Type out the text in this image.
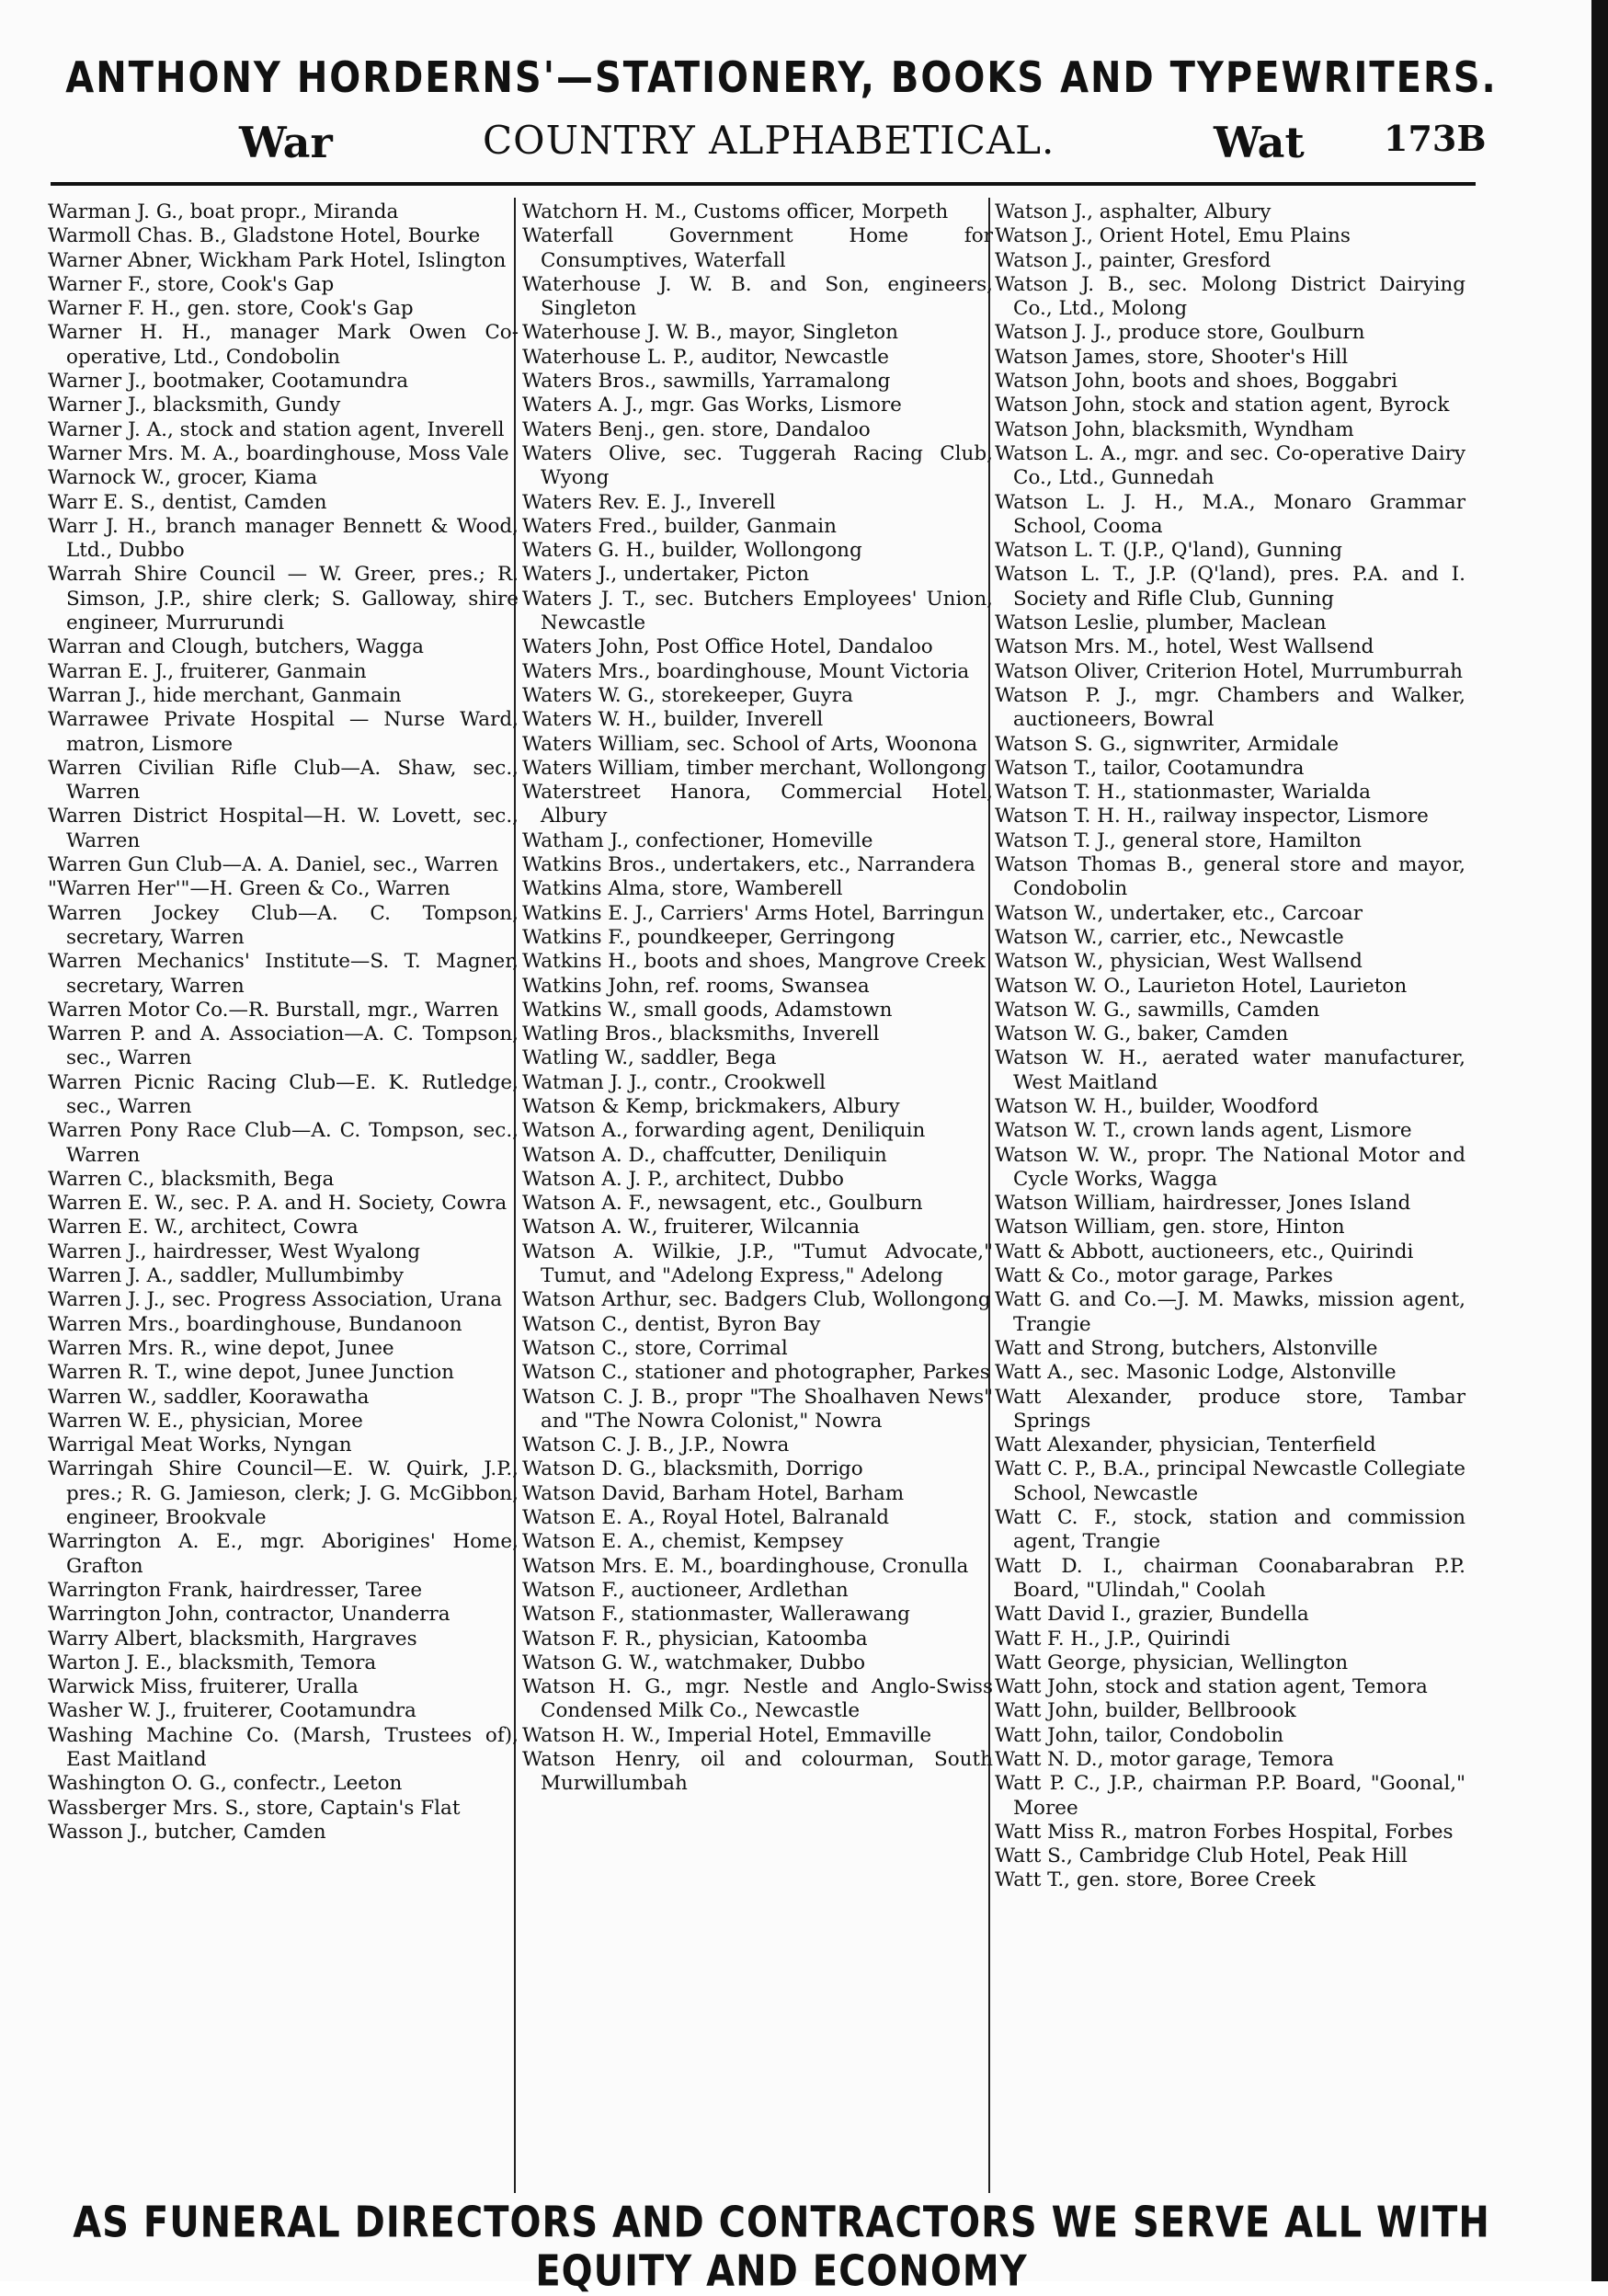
ANTHONY HORDERNS'—STATIONERY, BOOKS AND TYPEWRITERS.
War	COUNTRY ALPHABETICAL.	Wat 173B

Warman J. G., boat propr., Miranda

Warmoll Chas. B., Gladstone Hotel, Bourke

Warner Abner, Wickham Park Hotel, Islington

Warner F., store, Cook's Gap

Warner F. H., gen. store, Cook's Gap

Warner H. H., manager Mark Owen Co-operative, Ltd., Condobolin

Warner J., bootmaker, Cootamundra

Warner J., blacksmith, Gundy

Warner J. A., stock and station agent, Inverell

Warner Mrs. M. A., boardinghouse, Moss Vale

Warnock W., grocer, Kiama

Warr E. S., dentist, Camden

Warr J. H., branch manager Bennett & Wood, Ltd., Dubbo

Warrah Shire Council — W. Greer, pres.; R. Simson, J.P., shire clerk; S. Galloway, shire engineer, Murrurundi

Warran and Clough, butchers, Wagga

Warran E. J., fruiterer, Ganmain

Warran J., hide merchant, Ganmain

Warrawee Private Hospital — Nurse Ward, matron, Lismore

Warren Civilian Rifle Club—A. Shaw, sec., Warren

Warren District Hospital—H. W. Lovett, sec., Warren

Warren Gun Club—A. A. Daniel, sec., Warren

"Warren Her'"—H. Green & Co., Warren

Warren Jockey Club—A. C. Tompson, secretary, Warren

Warren Mechanics' Institute—S. T. Magner, secretary, Warren

Warren Motor Co.—R. Burstall, mgr., Warren

Warren P. and A. Association—A. C. Tompson, sec., Warren

Warren Picnic Racing Club—E. K. Rutledge, sec., Warren

Warren Pony Race Club—A. C. Tompson, sec., Warren

Warren C., blacksmith, Bega

Warren E. W., sec. P. A. and H. Society, Cowra

Warren E. W., architect, Cowra

Warren J., hairdresser, West Wyalong

Warren J. A., saddler, Mullumbimby

Warren J. J., sec. Progress Association, Urana

Warren Mrs., boardinghouse, Bundanoon

Warren Mrs. R., wine depot, Junee

Warren R. T., wine depot, Junee Junction

Warren W., saddler, Koorawatha

Warren W. E., physician, Moree

Warrigal Meat Works, Nyngan

Warringah Shire Council—E. W. Quirk, J.P., pres.; R. G. Jamieson, clerk; J. G. McGibbon, engineer, Brookvale

Warrington A. E., mgr. Aborigines' Home, Grafton

Warrington Frank, hairdresser, Taree

Warrington John, contractor, Unanderra

Warry Albert, blacksmith, Hargraves

Warton J. E., blacksmith, Temora

Warwick Miss, fruiterer, Uralla

Washer W. J., fruiterer, Cootamundra

Washing Machine Co. (Marsh, Trustees of), East Maitland

Washington O. G., confectr., Leeton

Wassberger Mrs. S., store, Captain's Flat

Wasson J., butcher, Camden

Watchorn H. M., Customs officer, Morpeth

Waterfall Government Home for Consumptives, Waterfall

Waterhouse J. W. B. and Son, engineers, Singleton

Waterhouse J. W. B., mayor, Singleton

Waterhouse L. P., auditor, Newcastle

Waters Bros., sawmills, Yarramalong

Waters A. J., mgr. Gas Works, Lismore

Waters Benj., gen. store, Dandaloo

Waters Olive, sec. Tuggerah Racing Club, Wyong

Waters Rev. E. J., Inverell

Waters Fred., builder, Ganmain

Waters G. H., builder, Wollongong

Waters J., undertaker, Picton

Waters J. T., sec. Butchers Employees' Union, Newcastle

Waters John, Post Office Hotel, Dandaloo

Waters Mrs., boardinghouse, Mount Victoria

Waters W. G., storekeeper, Guyra

Waters W. H., builder, Inverell

Waters William, sec. School of Arts, Woonona

Waters William, timber merchant, Wollongong

Waterstreet Hanora, Commercial Hotel, Albury

Watham J., confectioner, Homeville

Watkins Bros., undertakers, etc., Narrandera

Watkins Alma, store, Wamberell

Watkins E. J., Carriers' Arms Hotel, Barringun

Watkins F., poundkeeper, Gerringong

Watkins H., boots and shoes, Mangrove Creek

Watkins John, ref. rooms, Swansea

Watkins W., small goods, Adamstown

Watling Bros., blacksmiths, Inverell

Watling W., saddler, Bega

Watman J. J., contr., Crookwell

Watson & Kemp, brickmakers, Albury

Watson A., forwarding agent, Deniliquin

Watson A. D., chaffcutter, Deniliquin

Watson A. J. P., architect, Dubbo

Watson A. F., newsagent, etc., Goulburn

Watson A. W., fruiterer, Wilcannia

Watson A. Wilkie, J.P., "Tumut Advocate," Tumut, and "Adelong Express," Adelong

Watson Arthur, sec. Badgers Club, Wollongong

Watson C., dentist, Byron Bay

Watson C., store, Corrimal

Watson C., stationer and photographer, Parkes

Watson C. J. B., propr "The Shoalhaven News" and "The Nowra Colonist," Nowra

Watson C. J. B., J.P., Nowra

Watson D. G., blacksmith, Dorrigo

Watson David, Barham Hotel, Barham

Watson E. A., Royal Hotel, Balranald

Watson E. A., chemist, Kempsey

Watson Mrs. E. M., boardinghouse, Cronulla

Watson F., auctioneer, Ardlethan

Watson F., stationmaster, Wallerawang

Watson F. R., physician, Katoomba

Watson G. W., watchmaker, Dubbo

Watson H. G., mgr. Nestle and Anglo-Swiss Condensed Milk Co., Newcastle

Watson H. W., Imperial Hotel, Emmaville

Watson Henry, oil and colourman, South Murwillumbah

Watson J., asphalter, Albury

Watson J., Orient Hotel, Emu Plains

Watson J., painter, Gresford

Watson J. B., sec. Molong District Dairying Co., Ltd., Molong

Watson J. J., produce store, Goulburn

Watson James, store, Shooter's Hill

Watson John, boots and shoes, Boggabri

Watson John, stock and station agent, Byrock

Watson John, blacksmith, Wyndham

Watson L. A., mgr. and sec. Co-operative Dairy Co., Ltd., Gunnedah

Watson L. J. H., M.A., Monaro Grammar School, Cooma

Watson L. T. (J.P., Q'land), Gunning

Watson L. T., J.P. (Q'land), pres. P.A. and I. Society and Rifle Club, Gunning

Watson Leslie, plumber, Maclean

Watson Mrs. M., hotel, West Wallsend

Watson Oliver, Criterion Hotel, Murrumburrah

Watson P. J., mgr. Chambers and Walker, auctioneers, Bowral

Watson S. G., signwriter, Armidale

Watson T., tailor, Cootamundra

Watson T. H., stationmaster, Warialda

Watson T. H. H., railway inspector, Lismore

Watson T. J., general store, Hamilton

Watson Thomas B., general store and mayor, Condobolin

Watson W., undertaker, etc., Carcoar

Watson W., carrier, etc., Newcastle

Watson W., physician, West Wallsend

Watson W. O., Laurieton Hotel, Laurieton

Watson W. G., sawmills, Camden

Watson W. G., baker, Camden

Watson W. H., aerated water manufacturer, West Maitland

Watson W. H., builder, Woodford

Watson W. T., crown lands agent, Lismore

Watson W. W., propr. The National Motor and Cycle Works, Wagga

Watson William, hairdresser, Jones Island

Watson William, gen. store, Hinton

Watt & Abbott, auctioneers, etc., Quirindi

Watt & Co., motor garage, Parkes

Watt G. and Co.—J. M. Mawks, mission agent, Trangie

Watt and Strong, butchers, Alstonville

Watt A., sec. Masonic Lodge, Alstonville

Watt Alexander, produce store, Tambar Springs

Watt Alexander, physician, Tenterfield

Watt C. P., B.A., principal Newcastle Collegiate School, Newcastle

Watt C. F., stock, station and commission agent, Trangie

Watt D. I., chairman Coonabarabran P.P. Board, "Ulindah," Coolah

Watt David I., grazier, Bundella

Watt F. H., J.P., Quirindi

Watt George, physician, Wellington

Watt John, stock and station agent, Temora

Watt John, builder, Bellbroook

Watt John, tailor, Condobolin

Watt N. D., motor garage, Temora

Watt P. C., J.P., chairman P.P. Board, "Goonal," Moree

Watt Miss R., matron Forbes Hospital, Forbes

Watt S., Cambridge Club Hotel, Peak Hill

Watt T., gen. store, Boree Creek

AS FUNERAL DIRECTORS AND CONTRACTORS WE SERVE ALL WITH EQUITY AND ECONOMY
